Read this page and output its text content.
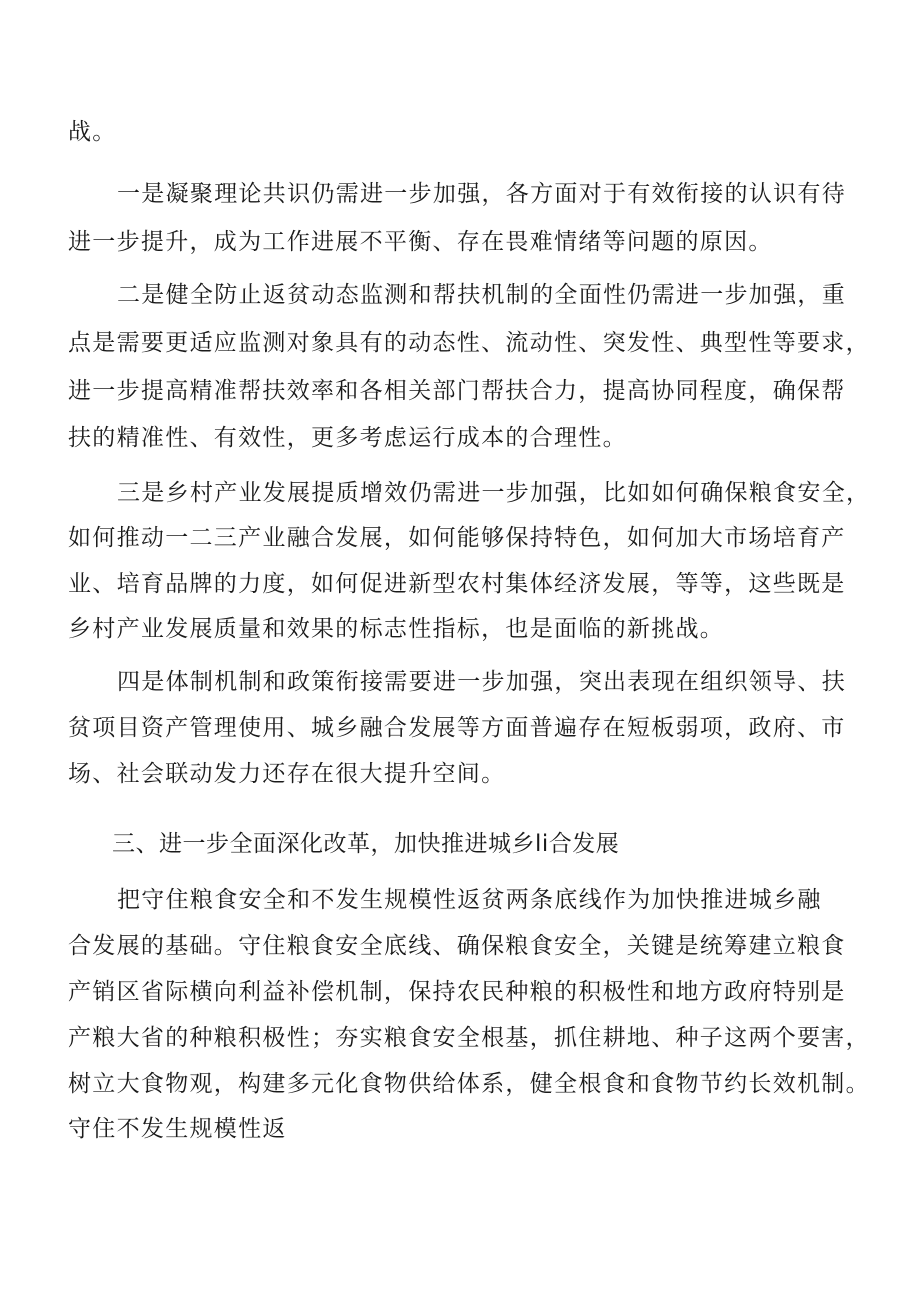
战。

一是凝聚理论共识仍需进一步加强，各方面对于有效衔接的认识有待

进一步提升，成为工作进展不平衡、存在畏难情绪等问题的原因。

二是健全防止返贫动态监测和帮扶机制的全面性仍需进一步加强，重

点是需要更适应监测对象具有的动态性、流动性、突发性、典型性等要求，

进一步提高精准帮扶效率和各相关部门帮扶合力，提高协同程度，确保帮

扶的精准性、有效性，更多考虑运行成本的合理性。

三是乡村产业发展提质增效仍需进一步加强，比如如何确保粮食安全，

如何推动一二三产业融合发展，如何能够保持特色，如何加大市场培育产

业、培育品牌的力度，如何促进新型农村集体经济发展，等等，这些既是

乡村产业发展质量和效果的标志性指标，也是面临的新挑战。

四是体制机制和政策衔接需要进一步加强，突出表现在组织领导、扶

贫项目资产管理使用、城乡融合发展等方面普遍存在短板弱项，政府、市

场、社会联动发力还存在很大提升空间。

三、进一步全面深化改革，加快推进城乡li合发展

把守住粮食安全和不发生规模性返贫两条底线作为加快推进城乡融

合发展的基础。守住粮食安全底线、确保粮食安全，关键是统筹建立粮食

产销区省际横向利益补偿机制，保持农民种粮的积极性和地方政府特别是

产粮大省的种粮积极性；夯实粮食安全根基，抓住耕地、种子这两个要害，

树立大食物观，构建多元化食物供给体系，健全根食和食物节约长效机制。

守住不发生规模性返
